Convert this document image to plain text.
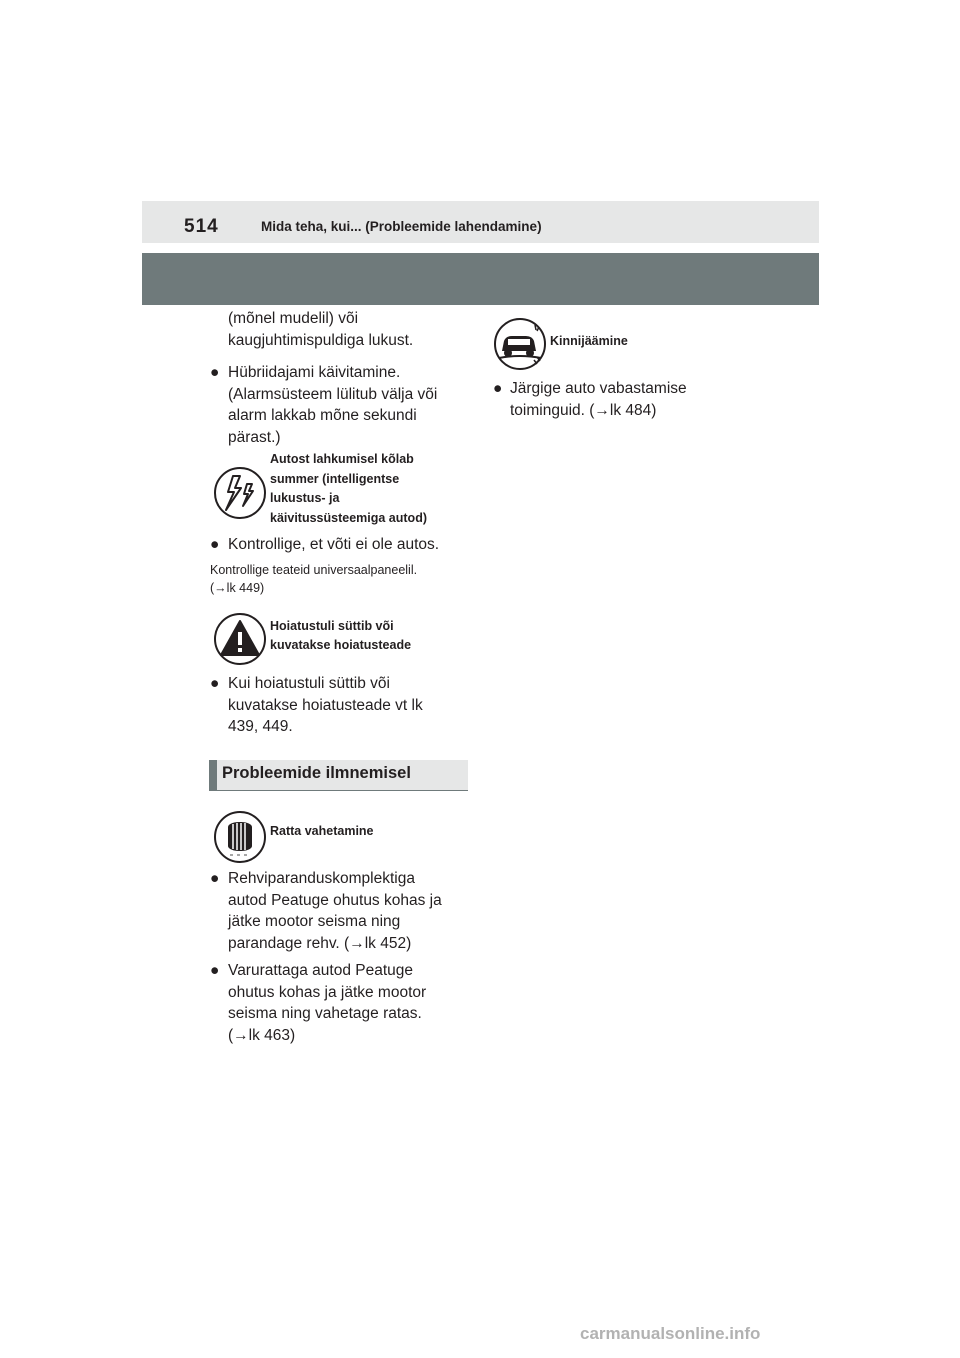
514	Mida teha, kui... (Probleemide lahendamine)
(mõnel mudelil) või
kaugjuhtimispuldiga lukust.
● Hübriidajami käivitamine.
(Alarmsüsteem lülitub välja või
alarm lakkab mõne sekundi
pärast.)
Autost lahkumisel kõlab
summer (intelligentse
lukustus- ja
käivitussüsteemiga autod)
● Kontrollige, et võti ei ole autos.
Kontrollige teateid universaalpaneelil.
(→lk 449)
Hoiatustuli süttib või
kuvatakse hoiatusteade
● Kui hoiatustuli süttib või
kuvatakse hoiatusteade vt lk
439, 449.
Probleemide ilmnemisel
Ratta vahetamine
● Rehviparanduskomplektiga
autod Peatuge ohutus kohas ja
jätke mootor seisma ning
parandage rehv. (→lk 452)
● Varurattaga autod Peatuge
ohutus kohas ja jätke mootor
seisma ning vahetage ratas.
(→lk 463)
Kinnijäämine
● Järgige auto vabastamise
toiminguid. (→lk 484)
carmanualsonline.info
